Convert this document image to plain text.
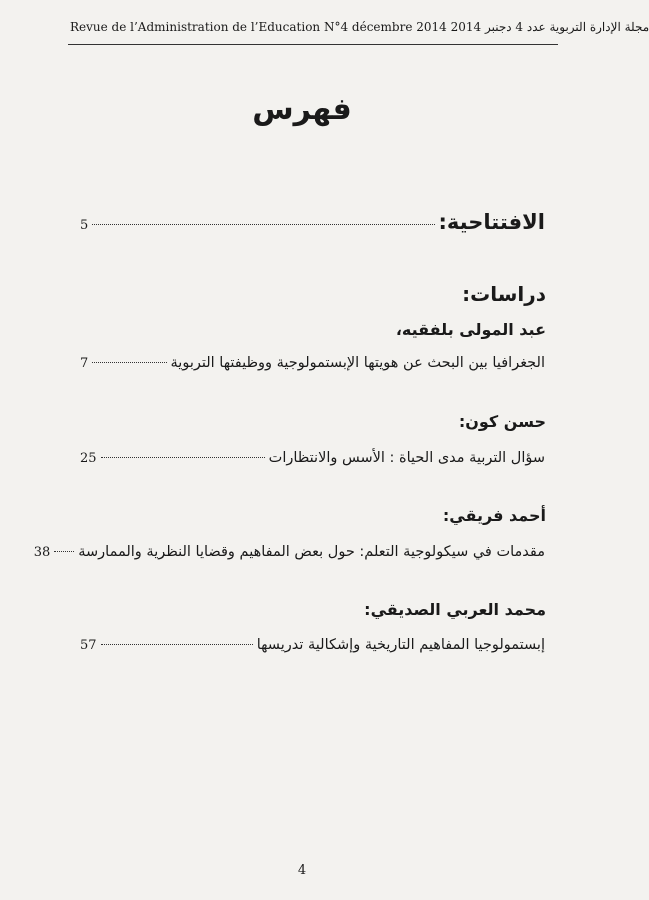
Revue de l’Administration de l’Education N°4 décembre 2014 مجلة الإدارة التربوية عدد 4 دجنبر 2014
فهرس
الافتتاحية:
5
دراسات:
عبد المولى بلفقيه،
الجغرافيا بين البحث عن هويتها الإبستمولوجية ووظيفتها التربوية
7
حسن كون:
سؤال التربية مدى الحياة : الأسس والانتظارات
25
أحمد فريقي:
مقدمات في سيكولوجية التعلم: حول بعض المفاهيم وقضايا النظرية والممارسة
38
محمد العربي الصديقي:
إبستمولوجيا المفاهيم التاريخية وإشكالية تدريسها
57
4
